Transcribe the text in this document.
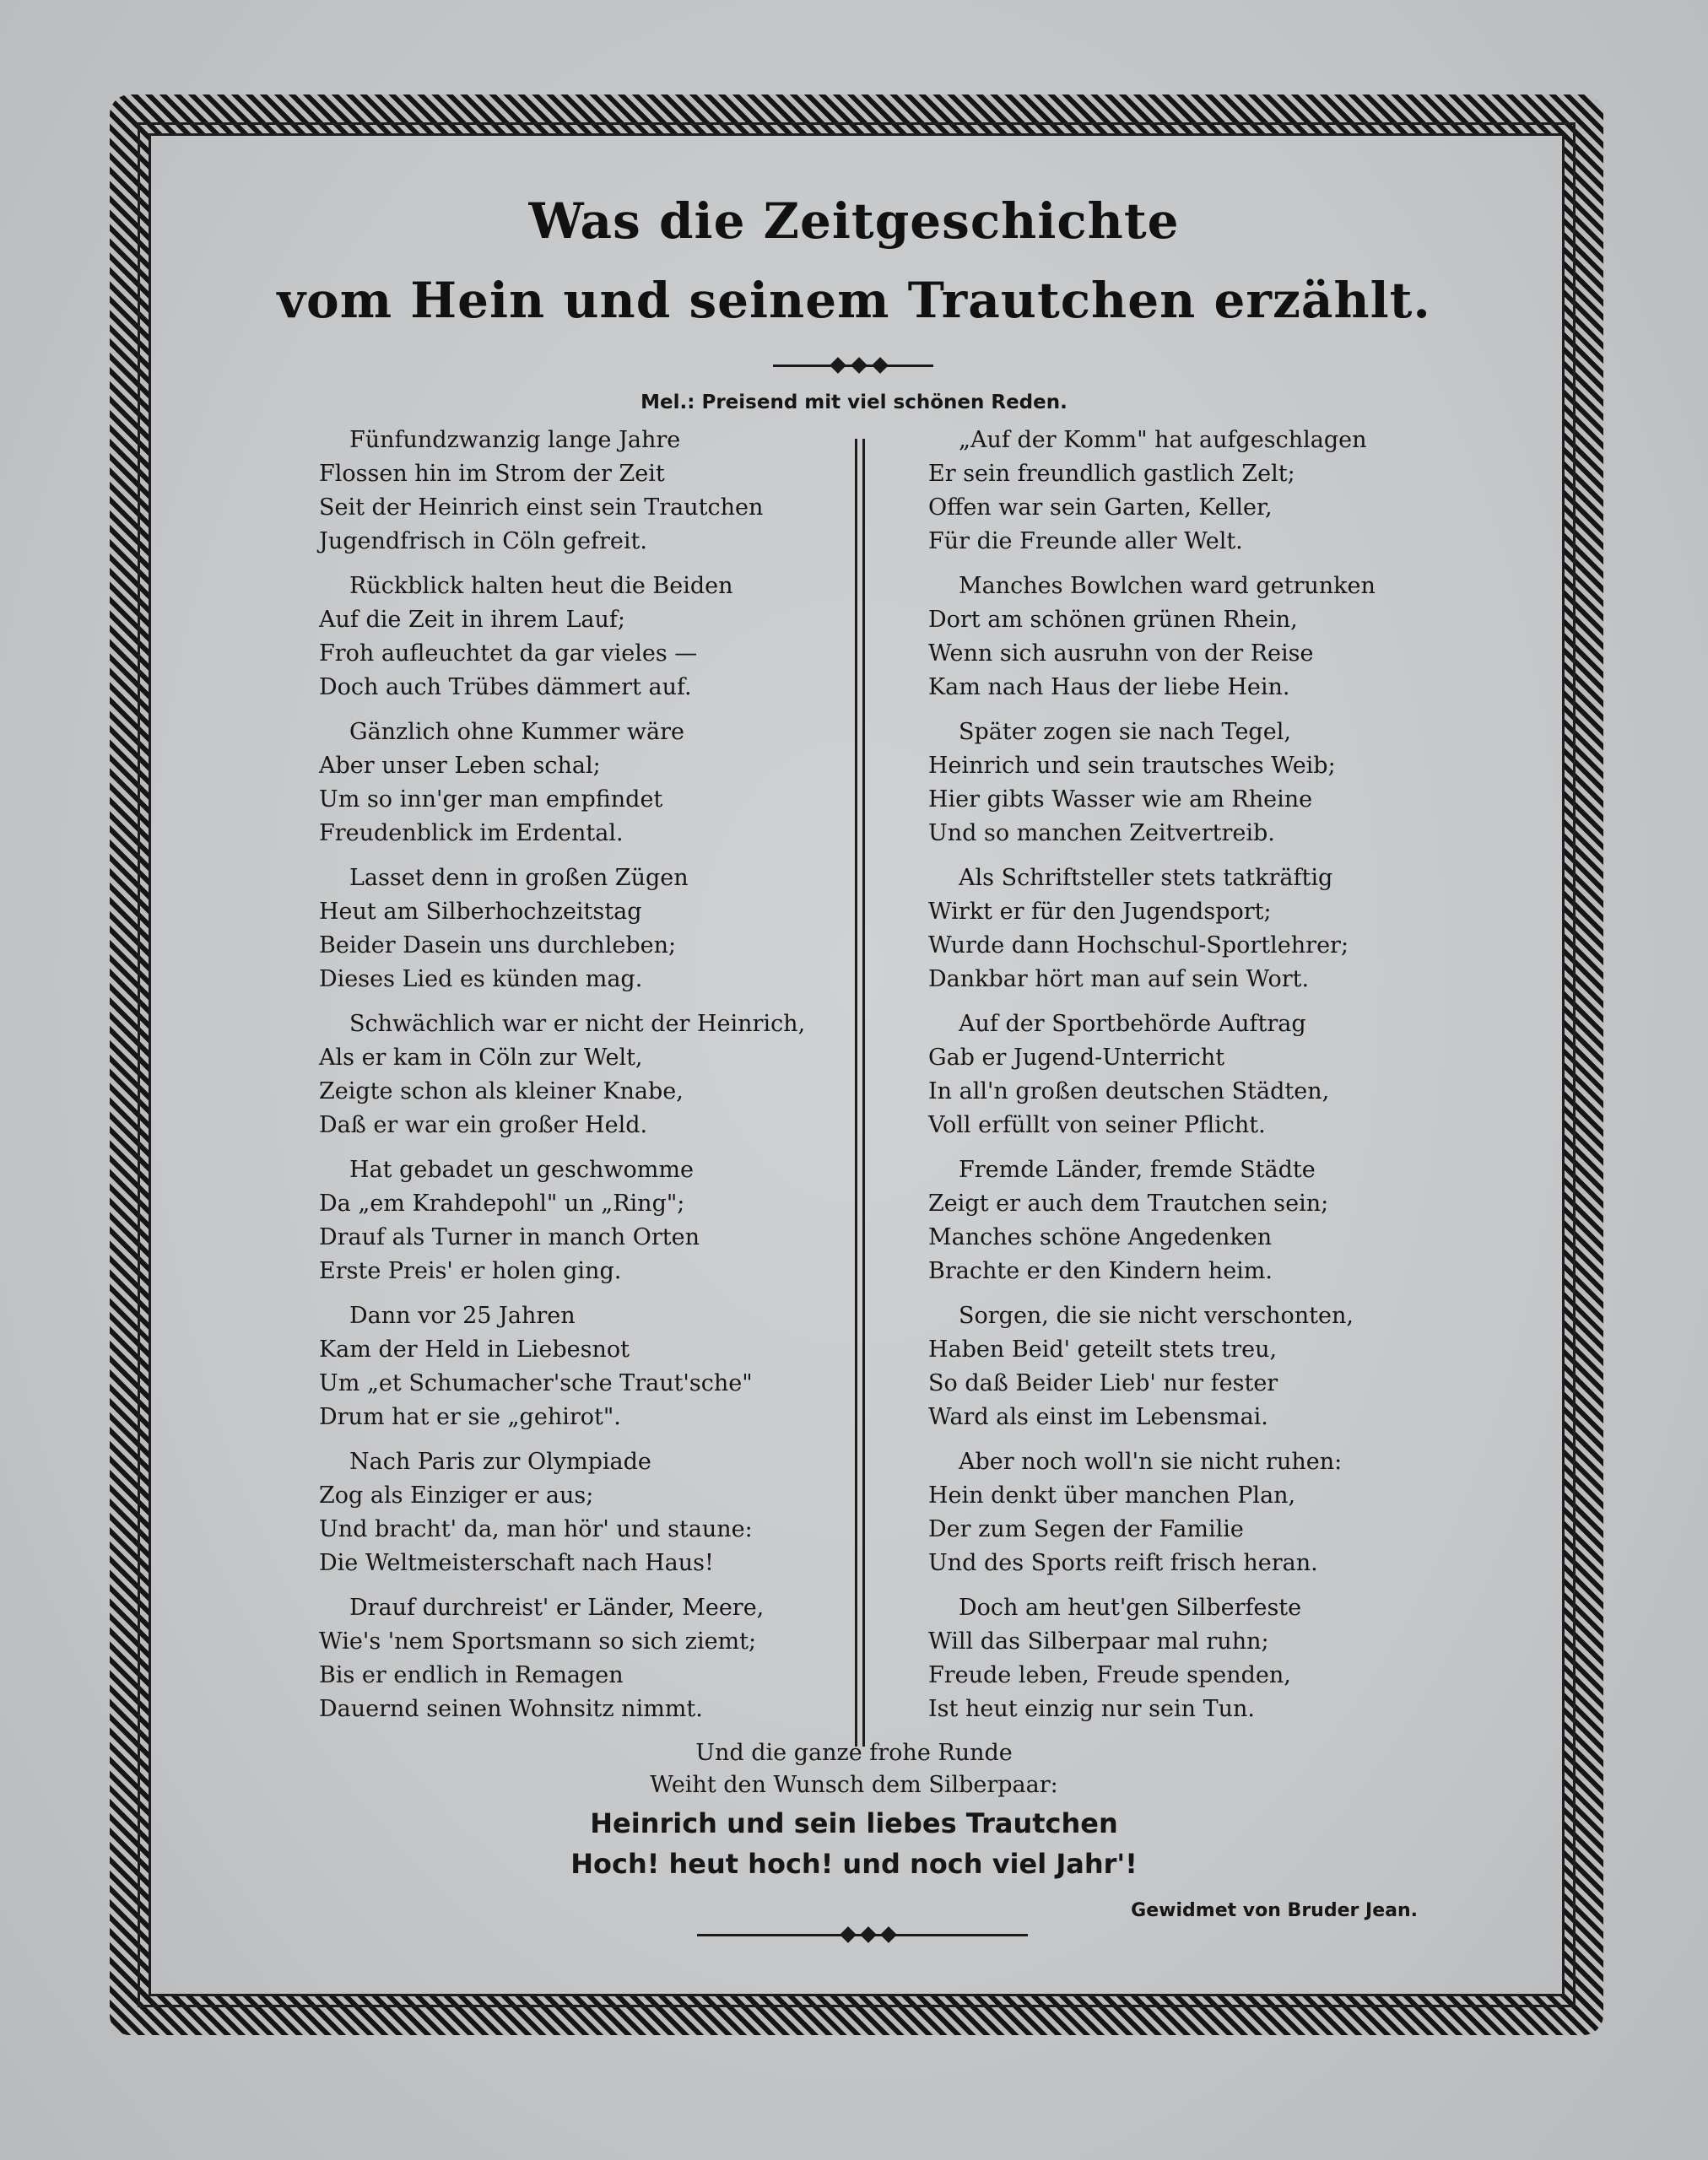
Was die Zeitgeschichte
vom Hein und seinem Trautchen erzählt.
Mel.: Preisend mit viel schönen Reden.
Fünfundzwanzig lange Jahre
Flossen hin im Strom der Zeit
Seit der Heinrich einst sein Trautchen
Jugendfrisch in Cöln gefreit.
Rückblick halten heut die Beiden
Auf die Zeit in ihrem Lauf;
Froh aufleuchtet da gar vieles —
Doch auch Trübes dämmert auf.
Gänzlich ohne Kummer wäre
Aber unser Leben schal;
Um so inn'ger man empfindet
Freudenblick im Erdental.
Lasset denn in großen Zügen
Heut am Silberhochzeitstag
Beider Dasein uns durchleben;
Dieses Lied es künden mag.
Schwächlich war er nicht der Heinrich,
Als er kam in Cöln zur Welt,
Zeigte schon als kleiner Knabe,
Daß er war ein großer Held.
Hat gebadet un geschwomme
Da „em Krahdepohl" un „Ring";
Drauf als Turner in manch Orten
Erste Preis' er holen ging.
Dann vor 25 Jahren
Kam der Held in Liebesnot
Um „et Schumacher'sche Traut'sche"
Drum hat er sie „gehirot".
Nach Paris zur Olympiade
Zog als Einziger er aus;
Und bracht' da, man hör' und staune:
Die Weltmeisterschaft nach Haus!
Drauf durchreist' er Länder, Meere,
Wie's 'nem Sportsmann so sich ziemt;
Bis er endlich in Remagen
Dauernd seinen Wohnsitz nimmt.
„Auf der Komm" hat aufgeschlagen
Er sein freundlich gastlich Zelt;
Offen war sein Garten, Keller,
Für die Freunde aller Welt.
Manches Bowlchen ward getrunken
Dort am schönen grünen Rhein,
Wenn sich ausruhn von der Reise
Kam nach Haus der liebe Hein.
Später zogen sie nach Tegel,
Heinrich und sein trautsches Weib;
Hier gibts Wasser wie am Rheine
Und so manchen Zeitvertreib.
Als Schriftsteller stets tatkräftig
Wirkt er für den Jugendsport;
Wurde dann Hochschul-Sportlehrer;
Dankbar hört man auf sein Wort.
Auf der Sportbehörde Auftrag
Gab er Jugend-Unterricht
In all'n großen deutschen Städten,
Voll erfüllt von seiner Pflicht.
Fremde Länder, fremde Städte
Zeigt er auch dem Trautchen sein;
Manches schöne Angedenken
Brachte er den Kindern heim.
Sorgen, die sie nicht verschonten,
Haben Beid' geteilt stets treu,
So daß Beider Lieb' nur fester
Ward als einst im Lebensmai.
Aber noch woll'n sie nicht ruhen:
Hein denkt über manchen Plan,
Der zum Segen der Familie
Und des Sports reift frisch heran.
Doch am heut'gen Silberfeste
Will das Silberpaar mal ruhn;
Freude leben, Freude spenden,
Ist heut einzig nur sein Tun.
Und die ganze frohe Runde
Weiht den Wunsch dem Silberpaar:
Heinrich und sein liebes Trautchen
Hoch! heut hoch! und noch viel Jahr'!
Gewidmet von Bruder Jean.
